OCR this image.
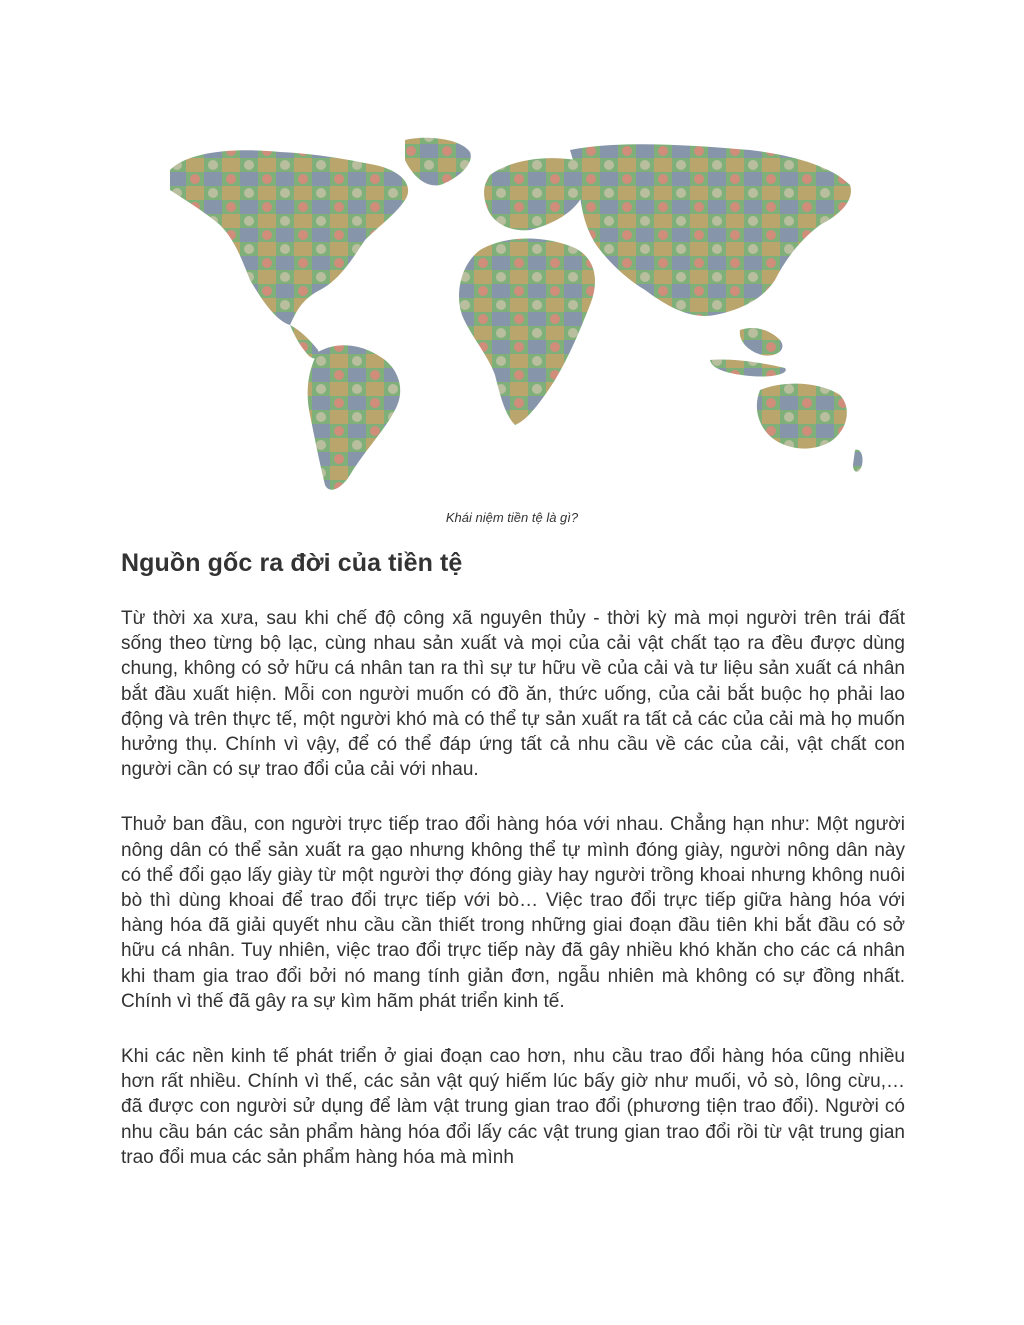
Khái niệm tiền tệ là gì?
Nguồn gốc ra đời của tiền tệ

Từ thời xa xưa, sau khi chế độ công xã nguyên thủy - thời kỳ mà mọi người trên trái đất sống theo từng bộ lạc, cùng nhau sản xuất và mọi của cải vật chất tạo ra đều được dùng chung, không có sở hữu cá nhân tan ra thì sự tư hữu về của cải và tư liệu sản xuất cá nhân bắt đầu xuất hiện. Mỗi con người muốn có đồ ăn, thức uống, của cải bắt buộc họ phải lao động và trên thực tế, một người khó mà có thể tự sản xuất ra tất cả các của cải mà họ muốn hưởng thụ. Chính vì vậy, để có thể đáp ứng tất cả nhu cầu về các của cải, vật chất con người cần có sự trao đổi của cải với nhau.

Thuở ban đầu, con người trực tiếp trao đổi hàng hóa với nhau. Chẳng hạn như: Một người nông dân có thể sản xuất ra gạo nhưng không thể tự mình đóng giày, người nông dân này có thể đổi gạo lấy giày từ một người thợ đóng giày hay người trồng khoai nhưng không nuôi bò thì dùng khoai để trao đổi trực tiếp với bò… Việc trao đổi trực tiếp giữa hàng hóa với hàng hóa đã giải quyết nhu cầu cần thiết trong những giai đoạn đầu tiên khi bắt đầu có sở hữu cá nhân. Tuy nhiên, việc trao đổi trực tiếp này đã gây nhiều khó khăn cho các cá nhân khi tham gia trao đổi bởi nó mang tính giản đơn, ngẫu nhiên mà không có sự đồng nhất. Chính vì thế đã gây ra sự kìm hãm phát triển kinh tế.

Khi các nền kinh tế phát triển ở giai đoạn cao hơn, nhu cầu trao đổi hàng hóa cũng nhiều hơn rất nhiều. Chính vì thế, các sản vật quý hiếm lúc bấy giờ như muối, vỏ sò, lông cừu,… đã được con người sử dụng để làm vật trung gian trao đổi (phương tiện trao đổi). Người có nhu cầu bán các sản phẩm hàng hóa đổi lấy các vật trung gian trao đổi rồi từ vật trung gian trao đổi mua các sản phẩm hàng hóa mà mình
